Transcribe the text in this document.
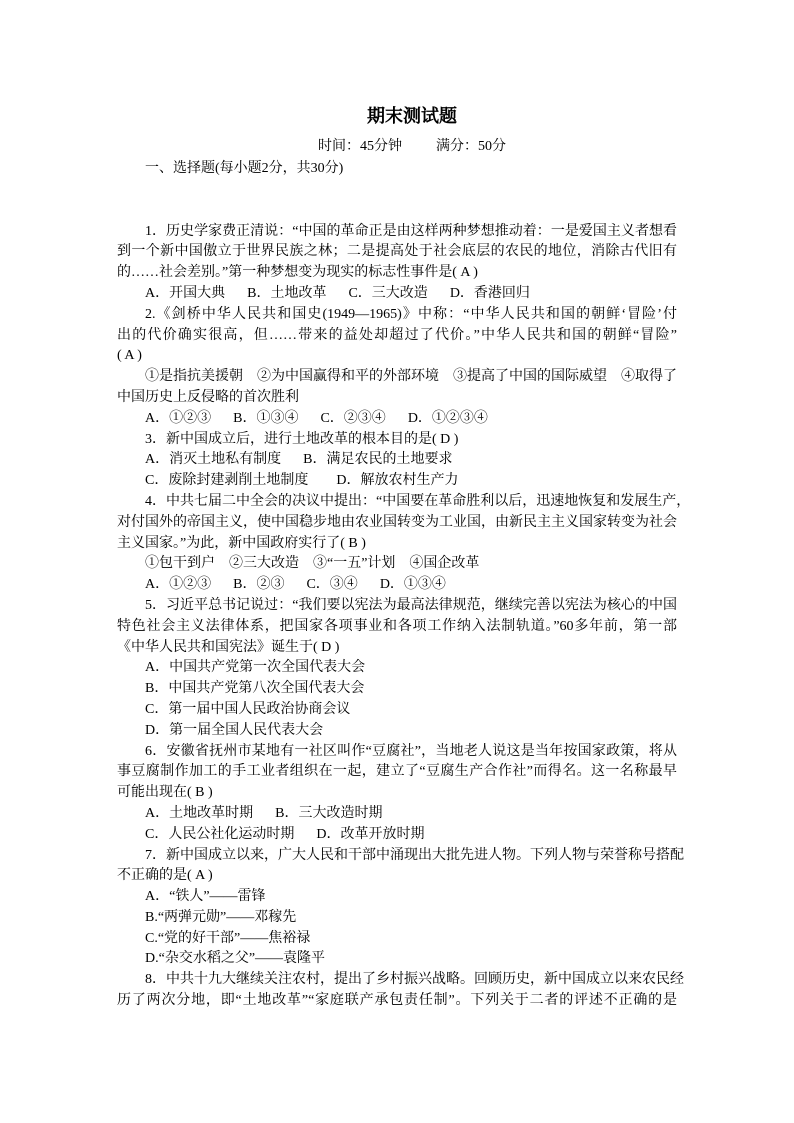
期末测试题
时间：45分钟 满分：50分
一、选择题(每小题2分，共30分)
1．历史学家费正清说：“中国的革命正是由这样两种梦想推动着：一是爱国主义者想看
到一个新中国傲立于世界民族之林；二是提高处于社会底层的农民的地位，消除古代旧有
的……社会差别。”第一种梦想变为现实的标志性事件是( A )
A．开国大典 B．土地改革 C．三大改造 D．香港回归
2.《剑桥中华人民共和国史(1949—1965)》中称：“中华人民共和国的朝鲜‘冒险’付
出的代价确实很高，但……带来的益处却超过了代价。”中华人民共和国的朝鲜“冒险”
( A )
①是指抗美援朝　②为中国赢得和平的外部环境　③提高了中国的国际威望　④取得了
中国历史上反侵略的首次胜利
A．①②③ B．①③④ C．②③④ D．①②③④
3．新中国成立后，进行土地改革的根本目的是( D )
A．消灭土地私有制度 B．满足农民的土地要求
C．废除封建剥削土地制度 D．解放农村生产力
4．中共七届二中全会的决议中提出：“中国要在革命胜利以后，迅速地恢复和发展生产，
对付国外的帝国主义，使中国稳步地由农业国转变为工业国，由新民主主义国家转变为社会
主义国家。”为此，新中国政府实行了( B )
①包干到户　②三大改造　③“一五”计划　④国企改革
A．①②③ B．②③ C．③④ D．①③④
5．习近平总书记说过：“我们要以宪法为最高法律规范，继续完善以宪法为核心的中国
特色社会主义法律体系，把国家各项事业和各项工作纳入法制轨道。”60多年前，第一部
《中华人民共和国宪法》诞生于( D )
A．中国共产党第一次全国代表大会
B．中国共产党第八次全国代表大会
C．第一届中国人民政治协商会议
D．第一届全国人民代表大会
6．安徽省抚州市某地有一社区叫作“豆腐社”，当地老人说这是当年按国家政策，将从
事豆腐制作加工的手工业者组织在一起，建立了“豆腐生产合作社”而得名。这一名称最早
可能出现在( B )
A．土地改革时期 B．三大改造时期
C．人民公社化运动时期 D．改革开放时期
7．新中国成立以来，广大人民和干部中涌现出大批先进人物。下列人物与荣誉称号搭配
不正确的是( A )
A．“铁人”——雷锋
B.“两弹元勋”——邓稼先
C.“党的好干部”——焦裕禄
D.“杂交水稻之父”——袁隆平
8．中共十九大继续关注农村，提出了乡村振兴战略。回顾历史，新中国成立以来农民经
历了两次分地，即“土地改革”“家庭联产承包责任制”。下列关于二者的评述不正确的是
